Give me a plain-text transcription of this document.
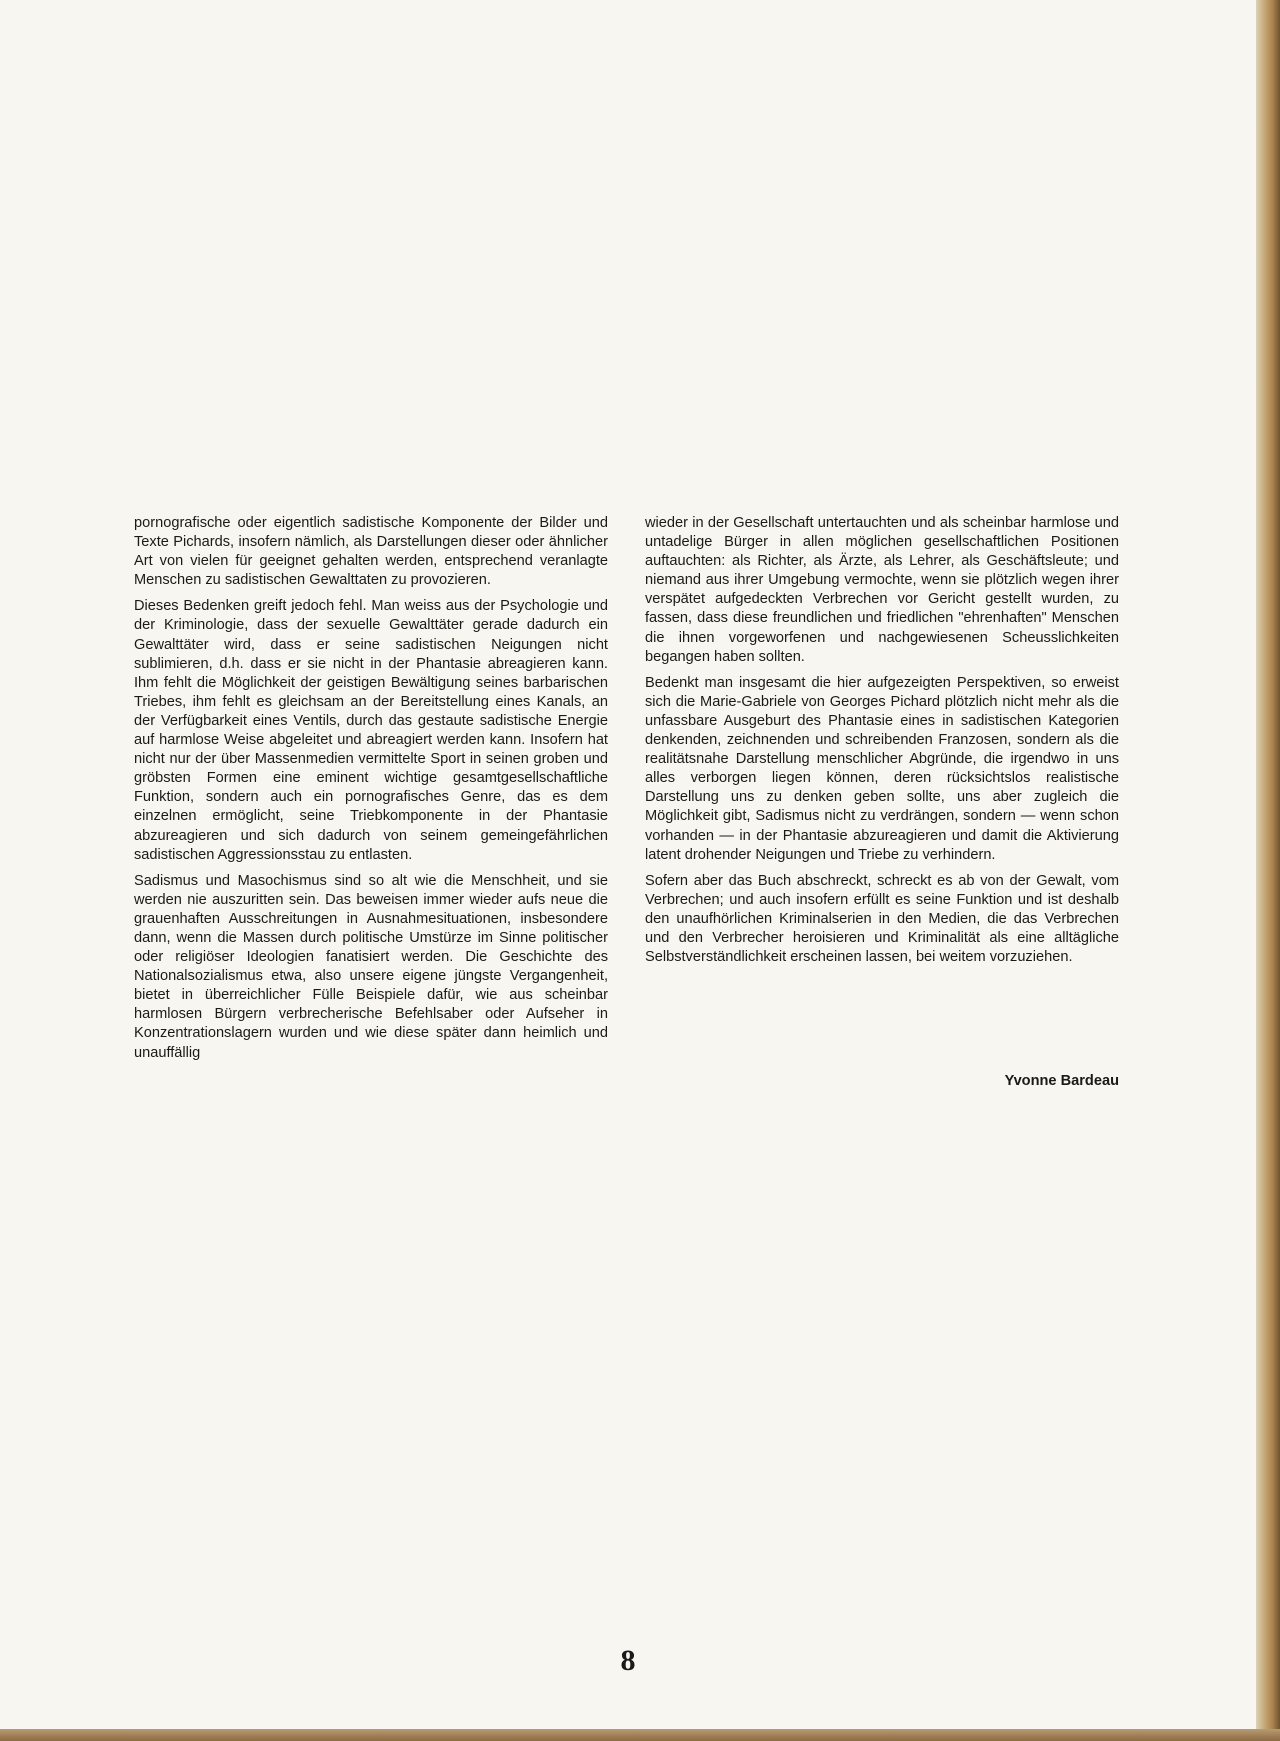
pornografische oder eigentlich sadistische Komponente der Bilder und Texte Pichards, insofern nämlich, als Darstellungen dieser oder ähnlicher Art von vielen für geeignet gehalten werden, entsprechend veranlagte Menschen zu sadistischen Gewalttaten zu provozieren.

Dieses Bedenken greift jedoch fehl. Man weiss aus der Psychologie und der Kriminologie, dass der sexuelle Gewalttäter gerade dadurch ein Gewalttäter wird, dass er seine sadistischen Neigungen nicht sublimieren, d.h. dass er sie nicht in der Phantasie abreagieren kann. Ihm fehlt die Möglichkeit der geistigen Bewältigung seines barbarischen Triebes, ihm fehlt es gleichsam an der Bereitstellung eines Kanals, an der Verfügbarkeit eines Ventils, durch das gestaute sadistische Energie auf harmlose Weise abgeleitet und abreagiert werden kann. Insofern hat nicht nur der über Massenmedien vermittelte Sport in seinen groben und gröbsten Formen eine eminent wichtige gesamtgesellschaftliche Funktion, sondern auch ein pornografisches Genre, das es dem einzelnen ermöglicht, seine Triebkomponente in der Phantasie abzureagieren und sich dadurch von seinem gemeingefährlichen sadistischen Aggressionsstau zu entlasten.

Sadismus und Masochismus sind so alt wie die Menschheit, und sie werden nie auszuritten sein. Das beweisen immer wieder aufs neue die grauenhaften Ausschreitungen in Ausnahmesituationen, insbesondere dann, wenn die Massen durch politische Umstürze im Sinne politischer oder religiöser Ideologien fanatisiert werden. Die Geschichte des Nationalsozialismus etwa, also unsere eigene jüngste Vergangenheit, bietet in überreichlicher Fülle Beispiele dafür, wie aus scheinbar harmlosen Bürgern verbrecherische Befehlsaber oder Aufseher in Konzentrationslagern wurden und wie diese später dann heimlich und unauffällig

wieder in der Gesellschaft untertauchten und als scheinbar harmlose und untadelige Bürger in allen möglichen gesellschaftlichen Positionen auftauchten: als Richter, als Ärzte, als Lehrer, als Geschäftsleute; und niemand aus ihrer Umgebung vermochte, wenn sie plötzlich wegen ihrer verspätet aufgedeckten Verbrechen vor Gericht gestellt wurden, zu fassen, dass diese freundlichen und friedlichen "ehrenhaften" Menschen die ihnen vorgeworfenen und nachgewiesenen Scheusslichkeiten begangen haben sollten.

Bedenkt man insgesamt die hier aufgezeigten Perspektiven, so erweist sich die Marie-Gabriele von Georges Pichard plötzlich nicht mehr als die unfassbare Ausgeburt des Phantasie eines in sadistischen Kategorien denkenden, zeichnenden und schreibenden Franzosen, sondern als die realitätsnahe Darstellung menschlicher Abgründe, die irgendwo in uns alles verborgen liegen können, deren rücksichtslos realistische Darstellung uns zu denken geben sollte, uns aber zugleich die Möglichkeit gibt, Sadismus nicht zu verdrängen, sondern — wenn schon vorhanden — in der Phantasie abzureagieren und damit die Aktivierung latent drohender Neigungen und Triebe zu verhindern.

Sofern aber das Buch abschreckt, schreckt es ab von der Gewalt, vom Verbrechen; und auch insofern erfüllt es seine Funktion und ist deshalb den unaufhörlichen Kriminalserien in den Medien, die das Verbrechen und den Verbrecher heroisieren und Kriminalität als eine alltägliche Selbstverständlichkeit erscheinen lassen, bei weitem vorzuziehen.

Yvonne Bardeau
8
